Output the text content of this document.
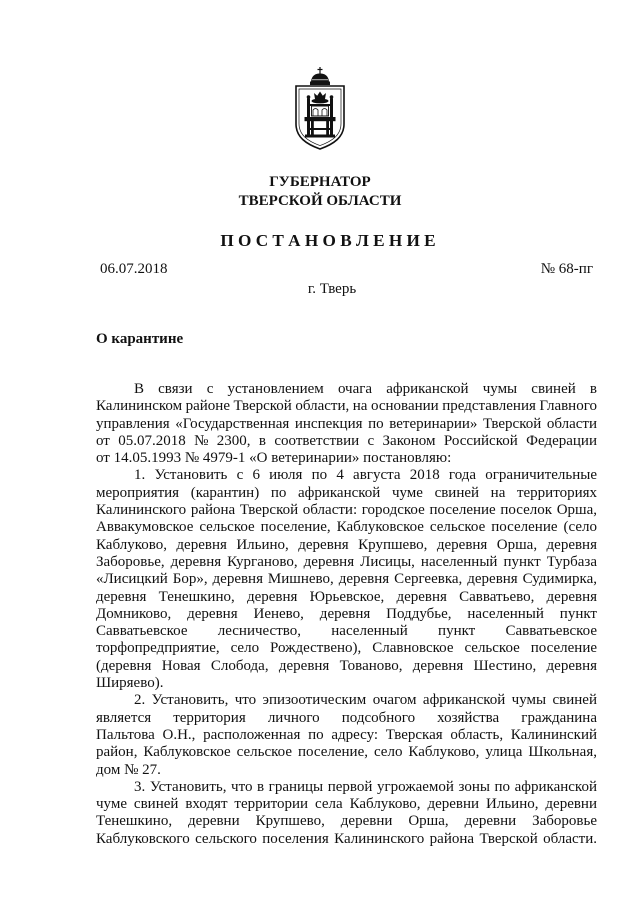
ГУБЕРНАТОР
ТВЕРСКОЙ ОБЛАСТИ
П О С Т А Н О В Л Е Н И Е
06.07.2018	№ 68-пг
г. Тверь
О карантине
В связи с установлением очага африканской чумы свиней в
Калининском районе Тверской области, на основании представления Главного
управления «Государственная инспекция по ветеринарии» Тверской области
от 05.07.2018 № 2300, в соответствии с Законом Российской Федерации
от 14.05.1993 № 4979-1 «О ветеринарии» постановляю:
1. Установить с 6 июля по 4 августа 2018 года ограничительные
мероприятия (карантин) по африканской чуме свиней на территориях
Калининского района Тверской области: городское поселение поселок Орша,
Аввакумовское сельское поселение, Каблуковское сельское поселение (село
Каблуково, деревня Ильино, деревня Крупшево, деревня Орша, деревня
Заборовье, деревня Курганово, деревня Лисицы, населенный пункт Турбаза
«Лисицкий Бор», деревня Мишнево, деревня Сергеевка, деревня Судимирка,
деревня Тенешкино, деревня Юрьевское, деревня Савватьево, деревня
Домниково, деревня Иенево, деревня Поддубье, населенный пункт
Савватьевское лесничество, населенный пункт Савватьевское
торфопредприятие, село Рождествено), Славновское сельское поселение
(деревня Новая Слобода, деревня Тованово, деревня Шестино, деревня
Ширяево).
2. Установить, что эпизоотическим очагом африканской чумы свиней
является территория личного подсобного хозяйства гражданина
Пальтова О.Н., расположенная по адресу: Тверская область, Калининский
район, Каблуковское сельское поселение, село Каблуково, улица Школьная,
дом № 27.
3. Установить, что в границы первой угрожаемой зоны по африканской
чуме свиней входят территории села Каблуково, деревни Ильино, деревни
Тенешкино, деревни Крупшево, деревни Орша, деревни Заборовье
Каблуковского сельского поселения Калининского района Тверской области.
